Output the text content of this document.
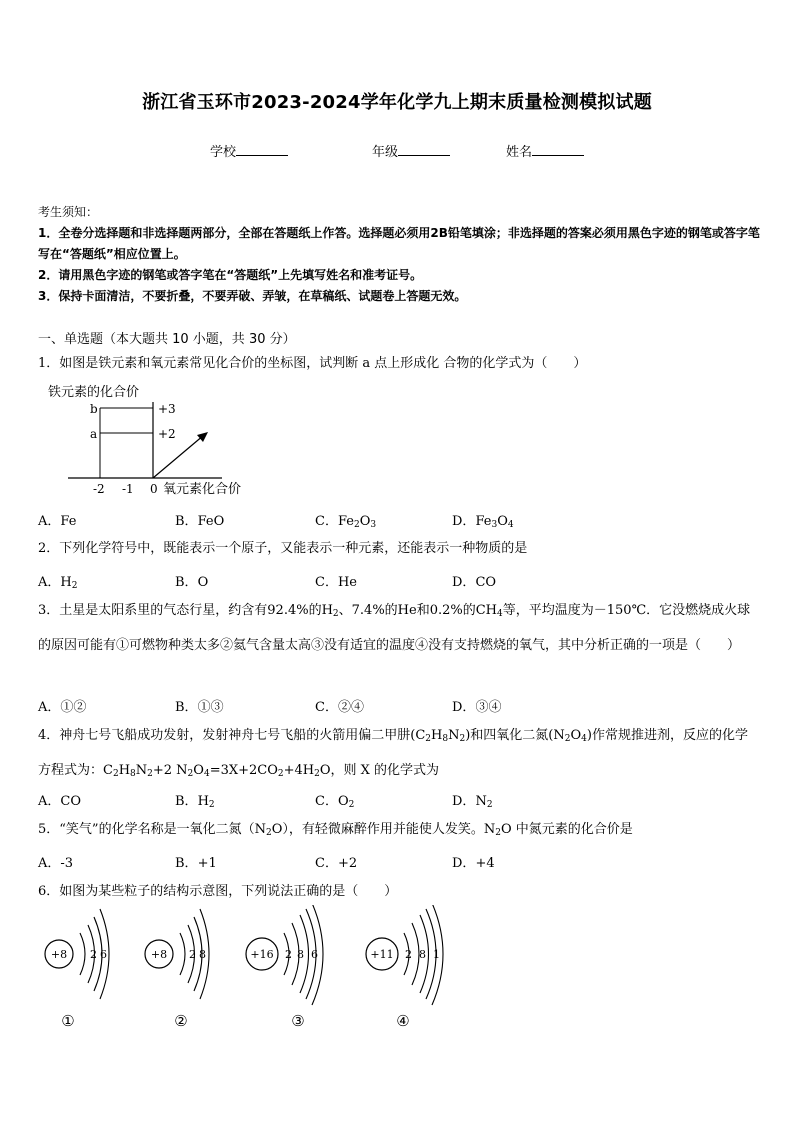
浙江省玉环市2023-2024学年化学九上期末质量检测模拟试题
学校	年级	姓名
考生须知：
1．全卷分选择题和非选择题两部分，全部在答题纸上作答。选择题必须用2B铅笔填涂；非选择题的答案必须用黑色字迹的钢笔或答字笔写在“答题纸”相应位置上。
2．请用黑色字迹的钢笔或答字笔在“答题纸”上先填写姓名和准考证号。
3．保持卡面清洁，不要折叠，不要弄破、弄皱，在草稿纸、试题卷上答题无效。
一、单选题（本大题共 10 小题，共 30 分）
1．如图是铁元素和氧元素常见化合价的坐标图，试判断 a 点上形成化 合物的化学式为（　　）
铁元素的化合价
b
a
+3
+2
-2 -1 0 氧元素化合价
A．Fe	B．FeO	C．$Fe_2O_3$	D．$Fe_3O_4$
2．下列化学符号中，既能表示一个原子，又能表示一种元素，还能表示一种物质的是
A．$H_2$	B．O	C．He	D．CO
3．土星是太阳系里的气态行星，约含有92.4%的$H_2$、7.4%的He和0.2%的$CH_4$等，平均温度为－150℃．它没燃烧成火球的原因可能有①可燃物种类太多②氦气含量太高③没有适宜的温度④没有支持燃烧的氧气，其中分析正确的一项是（　　）
A．①②	B．①③	C．②④	D．③④
4．神舟七号飞船成功发射，发射神舟七号飞船的火箭用偏二甲肼$(C_2H_8N_2)$和四氧化二氮$(N_2O_4)$作常规推进剂，反应的化学方程式为：$C_2H_8N_2+2$ $N_2O_4=3X+2CO_2+4H_2O$，则 X 的化学式为
A．CO	B．$H_2$	C．$O_2$	D．$N_2$
5．“笑气”的化学名称是一氧化二氮$(N_2O)$，有轻微麻醉作用并能使人发笑。$N_2O$ 中氮元素的化合价是
A．-3	B．+1	C．+2	D．+4
6．如图为某些粒子的结构示意图，下列说法正确的是（　　）
+8 2 6
①
+8 2 8
②
+16 2 8 6
③
+11 2 8 1
④
